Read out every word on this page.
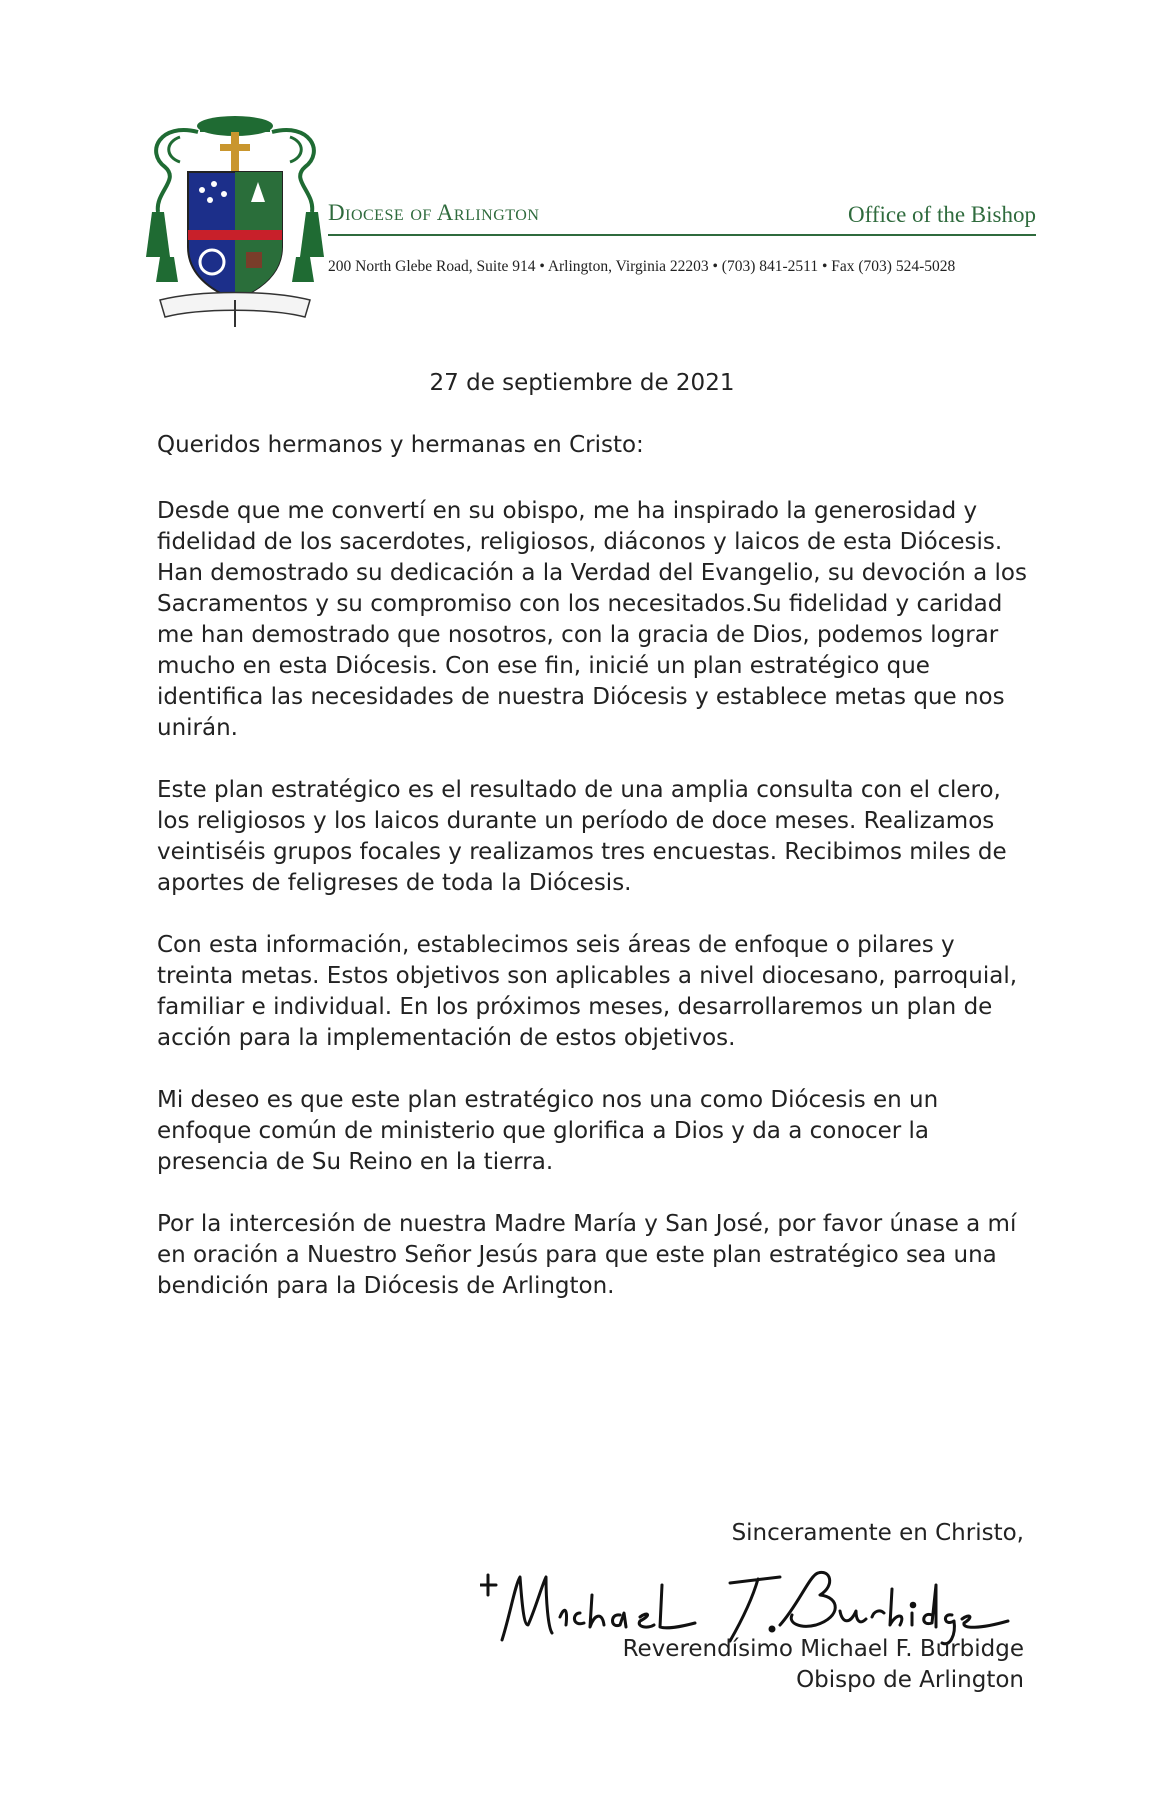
Diocese of Arlington	Office of the Bishop
200 North Glebe Road, Suite 914 • Arlington, Virginia 22203 • (703) 841-2511 • Fax (703) 524-5028
27 de septiembre de 2021
Queridos hermanos y hermanas en Cristo:

Desde que me convertí en su obispo, me ha inspirado la generosidad y fidelidad de los sacerdotes, religiosos, diáconos y laicos de esta Diócesis. Han demostrado su dedicación a la Verdad del Evangelio, su devoción a los Sacramentos y su compromiso con los necesitados.Su fidelidad y caridad me han demostrado que nosotros, con la gracia de Dios, podemos lograr mucho en esta Diócesis. Con ese fin, inicié un plan estratégico que identifica las necesidades de nuestra Diócesis y establece metas que nos unirán.

Este plan estratégico es el resultado de una amplia consulta con el clero, los religiosos y los laicos durante un período de doce meses. Realizamos veintiséis grupos focales y realizamos tres encuestas. Recibimos miles de aportes de feligreses de toda la Diócesis.

Con esta información, establecimos seis áreas de enfoque o pilares y treinta metas. Estos objetivos son aplicables a nivel diocesano, parroquial, familiar e individual. En los próximos meses, desarrollaremos un plan de acción para la implementación de estos objetivos.

Mi deseo es que este plan estratégico nos una como Diócesis en un enfoque común de ministerio que glorifica a Dios y da a conocer la presencia de Su Reino en la tierra.

Por la intercesión de nuestra Madre María y San José, por favor únase a mí en oración a Nuestro Señor Jesús para que este plan estratégico sea una bendición para la Diócesis de Arlington.

Sinceramente en Christo,
Reverendísimo Michael F. Burbidge
Obispo de Arlington
